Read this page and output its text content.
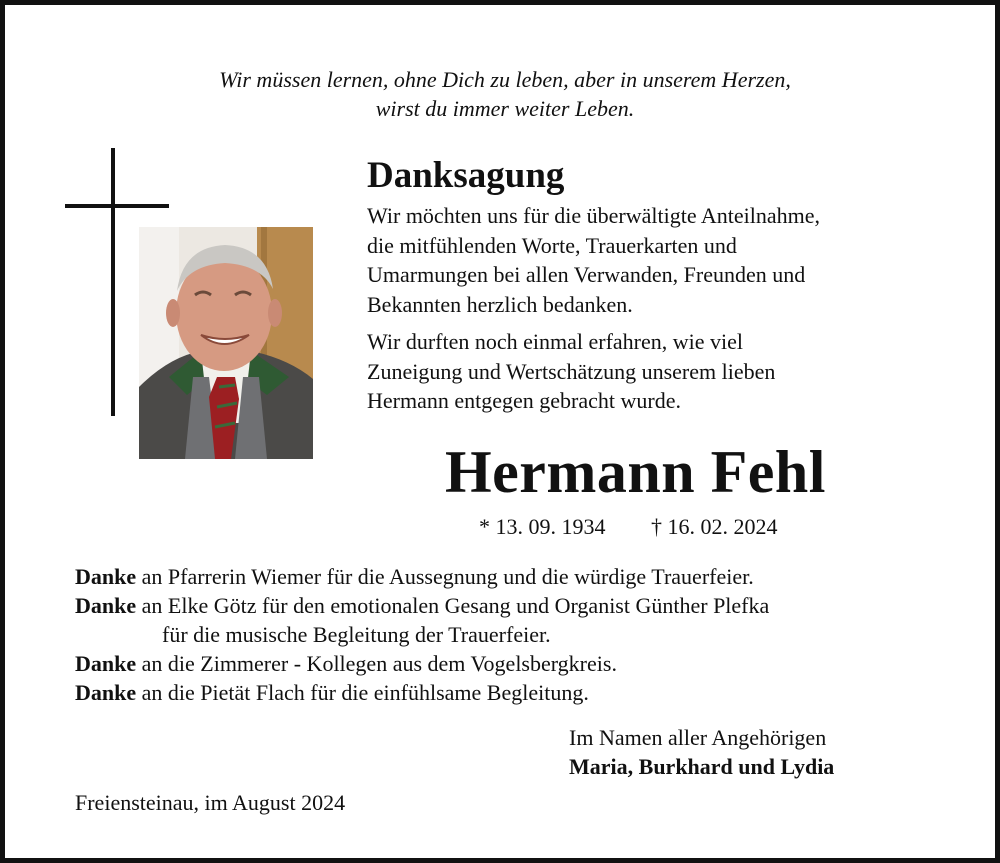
Wir müssen lernen, ohne Dich zu leben, aber in unserem Herzen,
wirst du immer weiter Leben.
Danksagung
Wir möchten uns für die überwältigte Anteilnahme,
die mitfühlenden Worte, Trauerkarten und
Umarmungen bei allen Verwanden, Freunden und
Bekannten herzlich bedanken.
Wir durften noch einmal erfahren, wie viel
Zuneigung und Wertschätzung unserem lieben
Hermann entgegen gebracht wurde.
Hermann Fehl
* 13. 09. 1934 † 16. 02. 2024
Danke an Pfarrerin Wiemer für die Aussegnung und die würdige Trauerfeier.
Danke an Elke Götz für den emotionalen Gesang und Organist Günther Plefka
für die musische Begleitung der Trauerfeier.
Danke an die Zimmerer - Kollegen aus dem Vogelsbergkreis.
Danke an die Pietät Flach für die einfühlsame Begleitung.
Im Namen aller Angehörigen
Maria, Burkhard und Lydia
Freiensteinau, im August 2024
